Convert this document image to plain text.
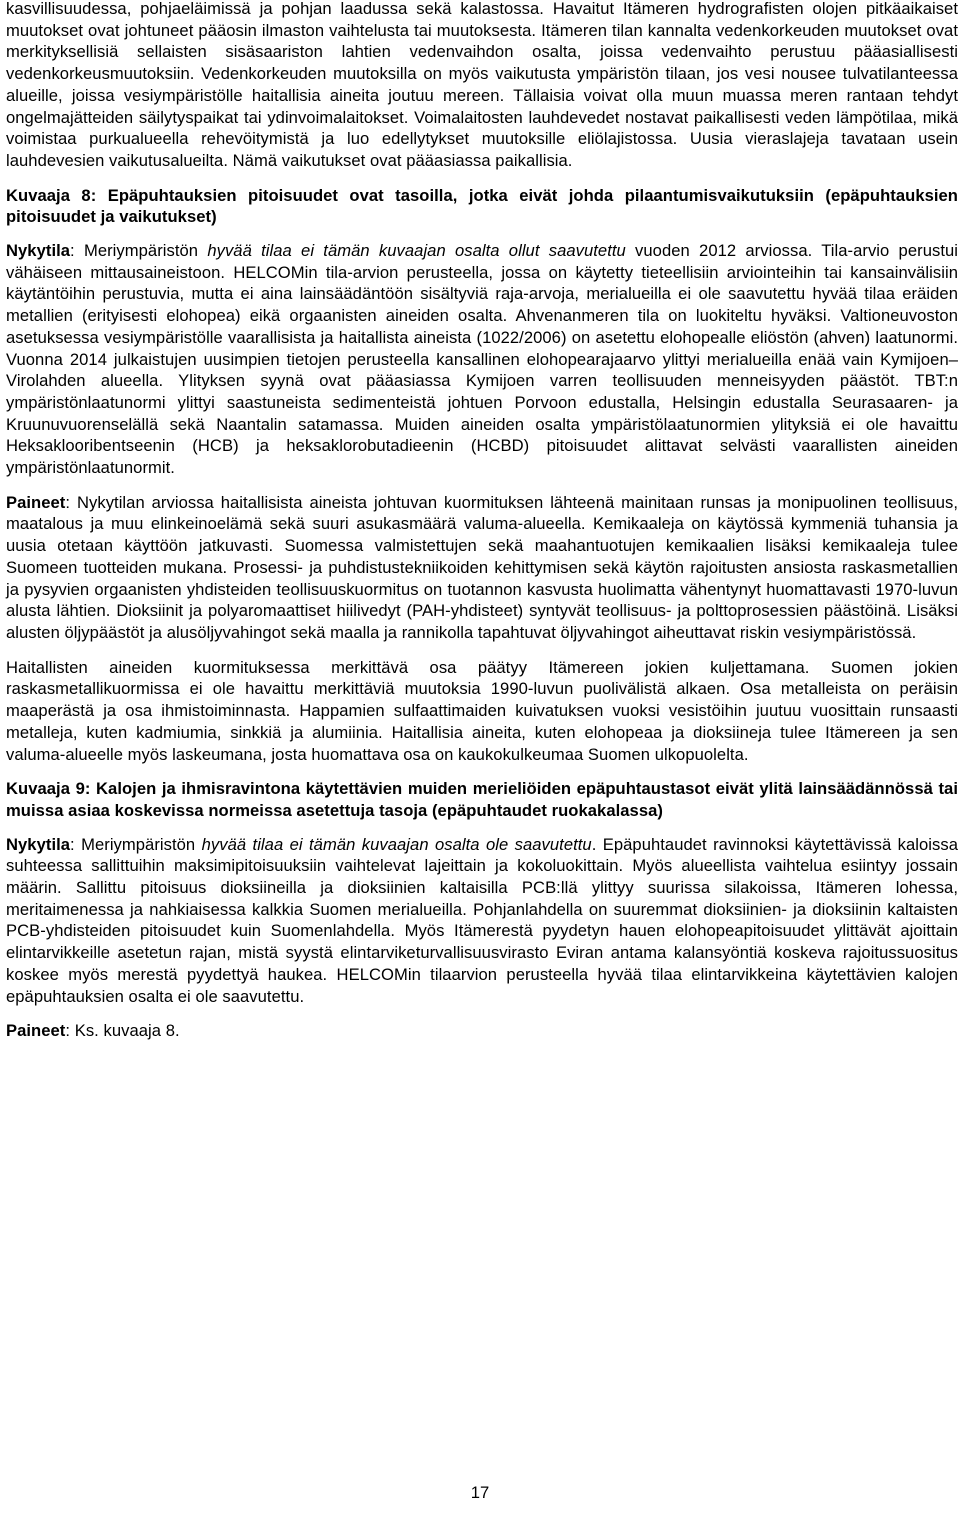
kasvillisuudessa, pohjaeläimissä ja pohjan laadussa sekä kalastossa. Havaitut Itämeren hydrografisten olojen pitkäaikaiset muutokset ovat johtuneet pääosin ilmaston vaihtelusta tai muutoksesta. Itämeren tilan kannalta vedenkorkeuden muutokset ovat merkityksellisiä sellaisten sisäsaariston lahtien vedenvaihdon osalta, joissa vedenvaihto perustuu pääasiallisesti vedenkorkeusmuutoksiin. Vedenkorkeuden muutoksilla on myös vaikutusta ympäristön tilaan, jos vesi nousee tulvatilanteessa alueille, joissa vesiympäristölle haitallisia aineita joutuu mereen. Tällaisia voivat olla muun muassa meren rantaan tehdyt ongelmajätteiden säilytyspaikat tai ydinvoimalaitokset. Voimalaitosten lauhdevedet nostavat paikallisesti veden lämpötilaa, mikä voimistaa purkualueella rehevöitymistä ja luo edellytykset muutoksille eliölajistossa. Uusia vieraslajeja tavataan usein lauhdevesien vaikutusalueilta. Nämä vaikutukset ovat pääasiassa paikallisia.

Kuvaaja 8: Epäpuhtauksien pitoisuudet ovat tasoilla, jotka eivät johda pilaantumisvaikutuksiin (epäpuhtauksien pitoisuudet ja vaikutukset)

Nykytila: Meriympäristön hyvää tilaa ei tämän kuvaajan osalta ollut saavutettu vuoden 2012 arviossa. Tila-arvio perustui vähäiseen mittausaineistoon. HELCOMin tila-arvion perusteella, jossa on käytetty tieteellisiin arviointeihin tai kansainvälisiin käytäntöihin perustuvia, mutta ei aina lainsäädäntöön sisältyviä raja-arvoja, merialueilla ei ole saavutettu hyvää tilaa eräiden metallien (erityisesti elohopea) eikä orgaanisten aineiden osalta. Ahvenanmeren tila on luokiteltu hyväksi. Valtioneuvoston asetuksessa vesiympäristölle vaarallisista ja haitallista aineista (1022/2006) on asetettu elohopealle eliöstön (ahven) laatunormi. Vuonna 2014 julkaistujen uusimpien tietojen perusteella kansallinen elohopearajaarvo ylittyi merialueilla enää vain Kymijoen–Virolahden alueella. Ylityksen syynä ovat pääasiassa Kymijoen varren teollisuuden menneisyyden päästöt. TBT:n ympäristönlaatunormi ylittyi saastuneista sedimenteistä johtuen Porvoon edustalla, Helsingin edustalla Seurasaaren- ja Kruunuvuorenselällä sekä Naantalin satamassa. Muiden aineiden osalta ympäristölaatunormien ylityksiä ei ole havaittu Heksaklooribentseenin (HCB) ja heksaklorobutadieenin (HCBD) pitoisuudet alittavat selvästi vaarallisten aineiden ympäristönlaatunormit.

Paineet: Nykytilan arviossa haitallisista aineista johtuvan kuormituksen lähteenä mainitaan runsas ja monipuolinen teollisuus, maatalous ja muu elinkeinoelämä sekä suuri asukasmäärä valuma-alueella. Kemikaaleja on käytössä kymmeniä tuhansia ja uusia otetaan käyttöön jatkuvasti. Suomessa valmistettujen sekä maahantuotujen kemikaalien lisäksi kemikaaleja tulee Suomeen tuotteiden mukana. Prosessi- ja puhdistustekniikoiden kehittymisen sekä käytön rajoitusten ansiosta raskasmetallien ja pysyvien orgaanisten yhdisteiden teollisuuskuormitus on tuotannon kasvusta huolimatta vähentynyt huomattavasti 1970-luvun alusta lähtien. Dioksiinit ja polyaromaattiset hiilivedyt (PAH-yhdisteet) syntyvät teollisuus- ja polttoprosessien päästöinä. Lisäksi alusten öljypäästöt ja alusöljyvahingot sekä maalla ja rannikolla tapahtuvat öljyvahingot aiheuttavat riskin vesiympäristössä.

Haitallisten aineiden kuormituksessa merkittävä osa päätyy Itämereen jokien kuljettamana. Suomen jokien raskasmetallikuormissa ei ole havaittu merkittäviä muutoksia 1990-luvun puolivälistä alkaen. Osa metalleista on peräisin maaperästä ja osa ihmistoiminnasta. Happamien sulfaattimaiden kuivatuksen vuoksi vesistöihin juutuu vuosittain runsaasti metalleja, kuten kadmiumia, sinkkiä ja alumiinia. Haitallisia aineita, kuten elohopeaa ja dioksiineja tulee Itämereen ja sen valuma-alueelle myös laskeumana, josta huomattava osa on kaukokulkeumaa Suomen ulkopuolelta.

Kuvaaja 9: Kalojen ja ihmisravintona käytettävien muiden merieliöiden epäpuhtaustasot eivät ylitä lainsäädännössä tai muissa asiaa koskevissa normeissa asetettuja tasoja (epäpuhtaudet ruokakalassa)

Nykytila: Meriympäristön hyvää tilaa ei tämän kuvaajan osalta ole saavutettu. Epäpuhtaudet ravinnoksi käytettävissä kaloissa suhteessa sallittuihin maksimipitoisuuksiin vaihtelevat lajeittain ja kokoluokittain. Myös alueellista vaihtelua esiintyy jossain määrin. Sallittu pitoisuus dioksiineilla ja dioksiinien kaltaisilla PCB:llä ylittyy suurissa silakoissa, Itämeren lohessa, meritaimenessa ja nahkiaisessa kalkkia Suomen merialueilla. Pohjanlahdella on suuremmat dioksiinien- ja dioksiinin kaltaisten PCB-yhdisteiden pitoisuudet kuin Suomenlahdella. Myös Itämerestä pyydetyn hauen elohopeapitoisuudet ylittävät ajoittain elintarvikkeille asetetun rajan, mistä syystä elintarviketurvallisuusvirasto Eviran antama kalansyöntiä koskeva rajoitussuositus koskee myös merestä pyydettyä haukea. HELCOMin tilaarvion perusteella hyvää tilaa elintarvikkeina käytettävien kalojen epäpuhtauksien osalta ei ole saavutettu.

Paineet: Ks. kuvaaja 8.

17
